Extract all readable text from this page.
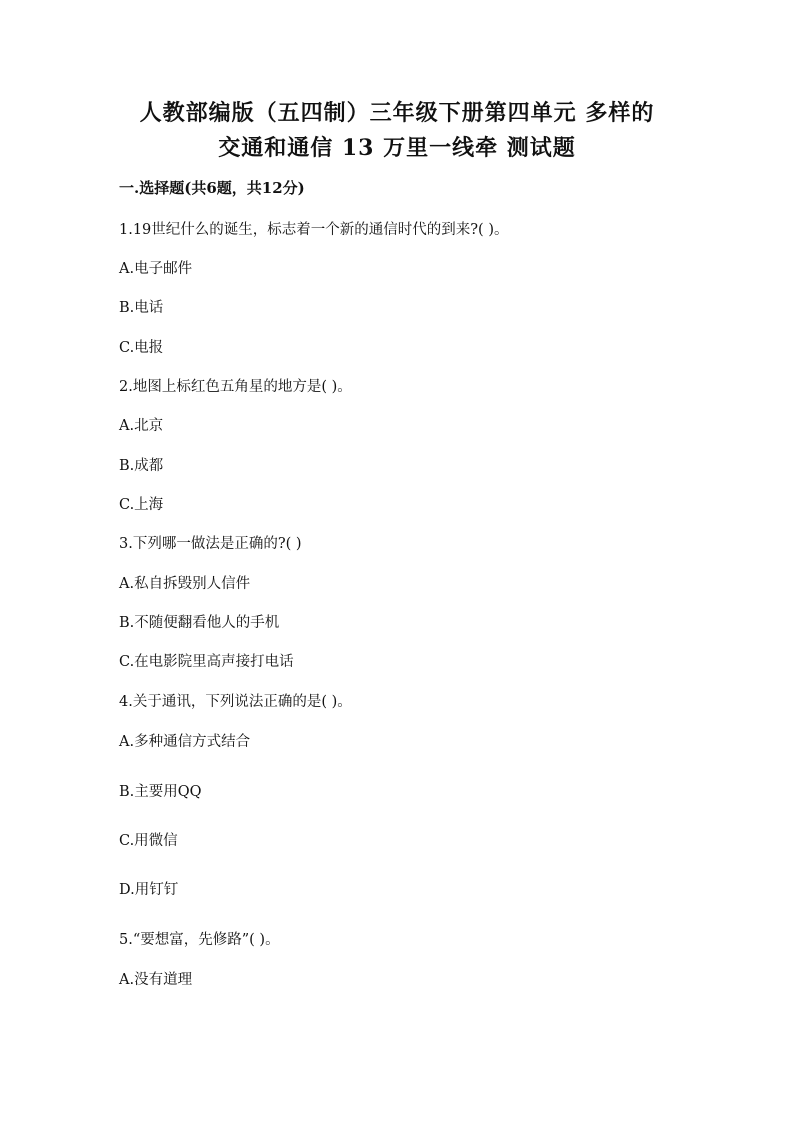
人教部编版（五四制）三年级下册第四单元 多样的
交通和通信 13 万里一线牵 测试题
一.选择题(共6题，共12分)
1.19世纪什么的诞生，标志着一个新的通信时代的到来?( )。
A.电子邮件
B.电话
C.电报
2.地图上标红色五角星的地方是( )。
A.北京
B.成都
C.上海
3.下列哪一做法是正确的?( )
A.私自拆毁别人信件
B.不随便翻看他人的手机
C.在电影院里高声接打电话
4.关于通讯，下列说法正确的是( )。
A.多种通信方式结合
B.主要用QQ
C.用微信
D.用钉钉
5.“要想富，先修路”( )。
A.没有道理
